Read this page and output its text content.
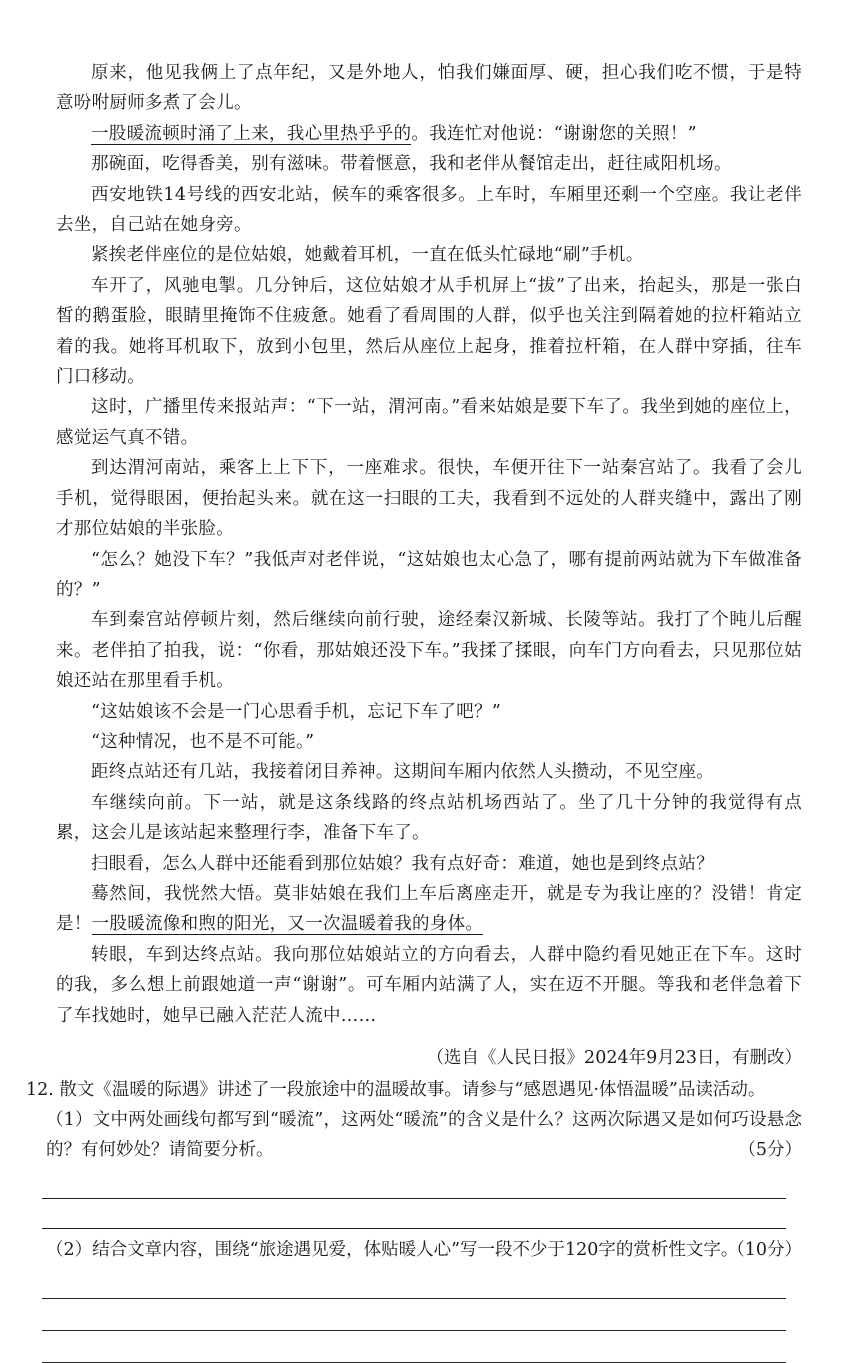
原来，他见我俩上了点年纪，又是外地人，怕我们嫌面厚、硬，担心我们吃不惯，于是特意吩咐厨师多煮了会儿。

一股暖流顿时涌了上来，我心里热乎乎的。我连忙对他说：“谢谢您的关照！”

那碗面，吃得香美，别有滋味。带着惬意，我和老伴从餐馆走出，赶往咸阳机场。

西安地铁14号线的西安北站，候车的乘客很多。上车时，车厢里还剩一个空座。我让老伴去坐，自己站在她身旁。

紧挨老伴座位的是位姑娘，她戴着耳机，一直在低头忙碌地“刷”手机。

车开了，风驰电掣。几分钟后，这位姑娘才从手机屏上“拔”了出来，抬起头，那是一张白皙的鹅蛋脸，眼睛里掩饰不住疲惫。她看了看周围的人群，似乎也关注到隔着她的拉杆箱站立着的我。她将耳机取下，放到小包里，然后从座位上起身，推着拉杆箱，在人群中穿插，往车门口移动。

这时，广播里传来报站声：“下一站，渭河南。”看来姑娘是要下车了。我坐到她的座位上，感觉运气真不错。

到达渭河南站，乘客上上下下，一座难求。很快，车便开往下一站秦宫站了。我看了会儿手机，觉得眼困，便抬起头来。就在这一扫眼的工夫，我看到不远处的人群夹缝中，露出了刚才那位姑娘的半张脸。

“怎么？她没下车？”我低声对老伴说，“这姑娘也太心急了，哪有提前两站就为下车做准备的？”

车到秦宫站停顿片刻，然后继续向前行驶，途经秦汉新城、长陵等站。我打了个盹儿后醒来。老伴拍了拍我，说：“你看，那姑娘还没下车。”我揉了揉眼，向车门方向看去，只见那位姑娘还站在那里看手机。

“这姑娘该不会是一门心思看手机，忘记下车了吧？”

“这种情况，也不是不可能。”

距终点站还有几站，我接着闭目养神。这期间车厢内依然人头攒动，不见空座。

车继续向前。下一站，就是这条线路的终点站机场西站了。坐了几十分钟的我觉得有点累，这会儿是该站起来整理行李，准备下车了。

扫眼看，怎么人群中还能看到那位姑娘？我有点好奇：难道，她也是到终点站？

蓦然间，我恍然大悟。莫非姑娘在我们上车后离座走开，就是专为我让座的？没错！肯定是！一股暖流像和煦的阳光，又一次温暖着我的身体。

转眼，车到达终点站。我向那位姑娘站立的方向看去，人群中隐约看见她正在下车。这时的我，多么想上前跟她道一声“谢谢”。可车厢内站满了人，实在迈不开腿。等我和老伴急着下了车找她时，她早已融入茫茫人流中……

（选自《人民日报》2024年9月23日，有删改）

12. 散文《温暖的际遇》讲述了一段旅途中的温暖故事。请参与“感恩遇见·体悟温暖”品读活动。

（1）文中两处画线句都写到“暖流”，这两处“暖流”的含义是什么？这两次际遇又是如何巧设悬念的？有何妙处？请简要分析。	（5分）

（2）结合文章内容，围绕“旅途遇见爱，体贴暖人心”写一段不少于120字的赏析性文字。
（10分）
